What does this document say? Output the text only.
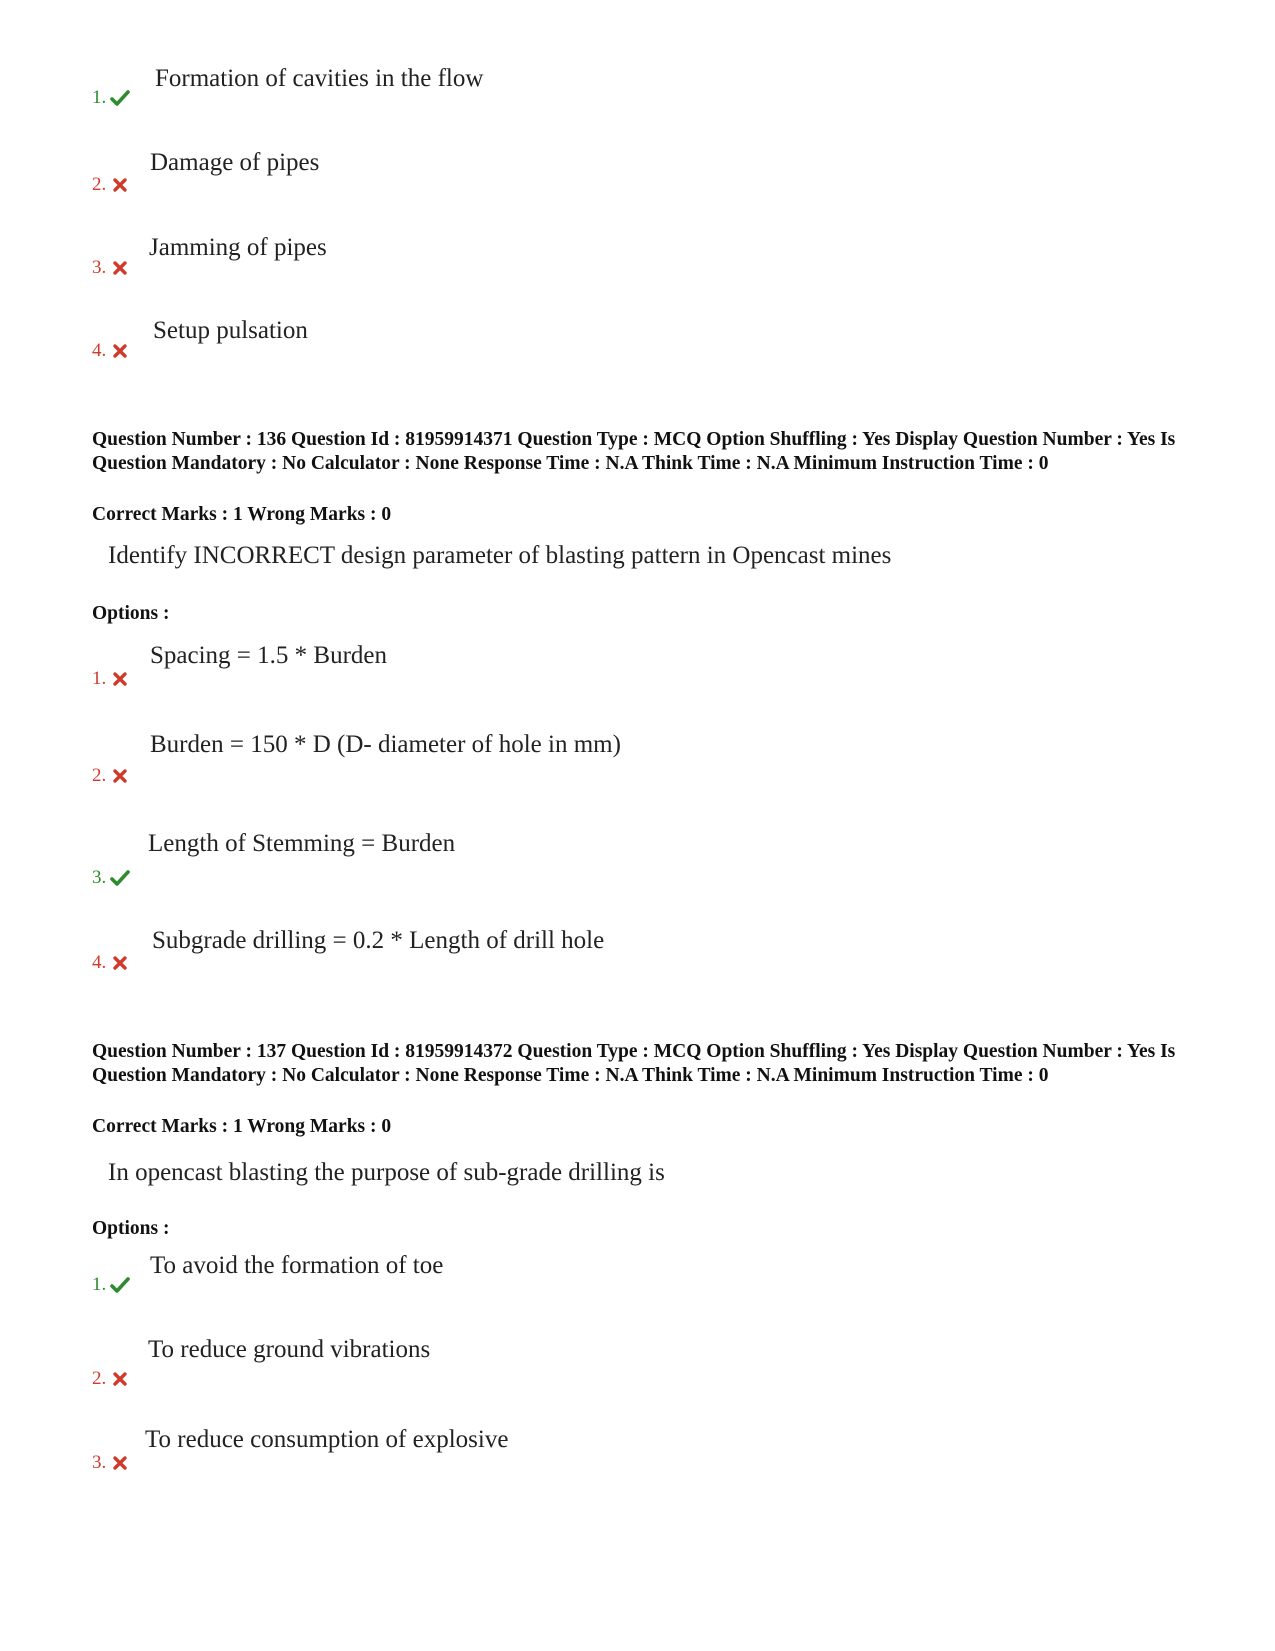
Formation of cavities in the flow
1.
Damage of pipes
2.
Jamming of pipes
3.
Setup pulsation
4.
Question Number : 136 Question Id : 81959914371 Question Type : MCQ Option Shuffling : Yes Display Question Number : Yes Is Question Mandatory : No Calculator : None Response Time : N.A Think Time : N.A Minimum Instruction Time : 0
Correct Marks : 1 Wrong Marks : 0
Identify INCORRECT design parameter of blasting pattern in Opencast mines
Options :
Spacing = 1.5 * Burden
1.
Burden = 150 * D (D- diameter of hole in mm)
2.
Length of Stemming = Burden
3.
Subgrade drilling = 0.2 * Length of drill hole
4.
Question Number : 137 Question Id : 81959914372 Question Type : MCQ Option Shuffling : Yes Display Question Number : Yes Is Question Mandatory : No Calculator : None Response Time : N.A Think Time : N.A Minimum Instruction Time : 0
Correct Marks : 1 Wrong Marks : 0
In opencast blasting the purpose of sub-grade drilling is
Options :
To avoid the formation of toe
1.
To reduce ground vibrations
2.
To reduce consumption of explosive
3.
